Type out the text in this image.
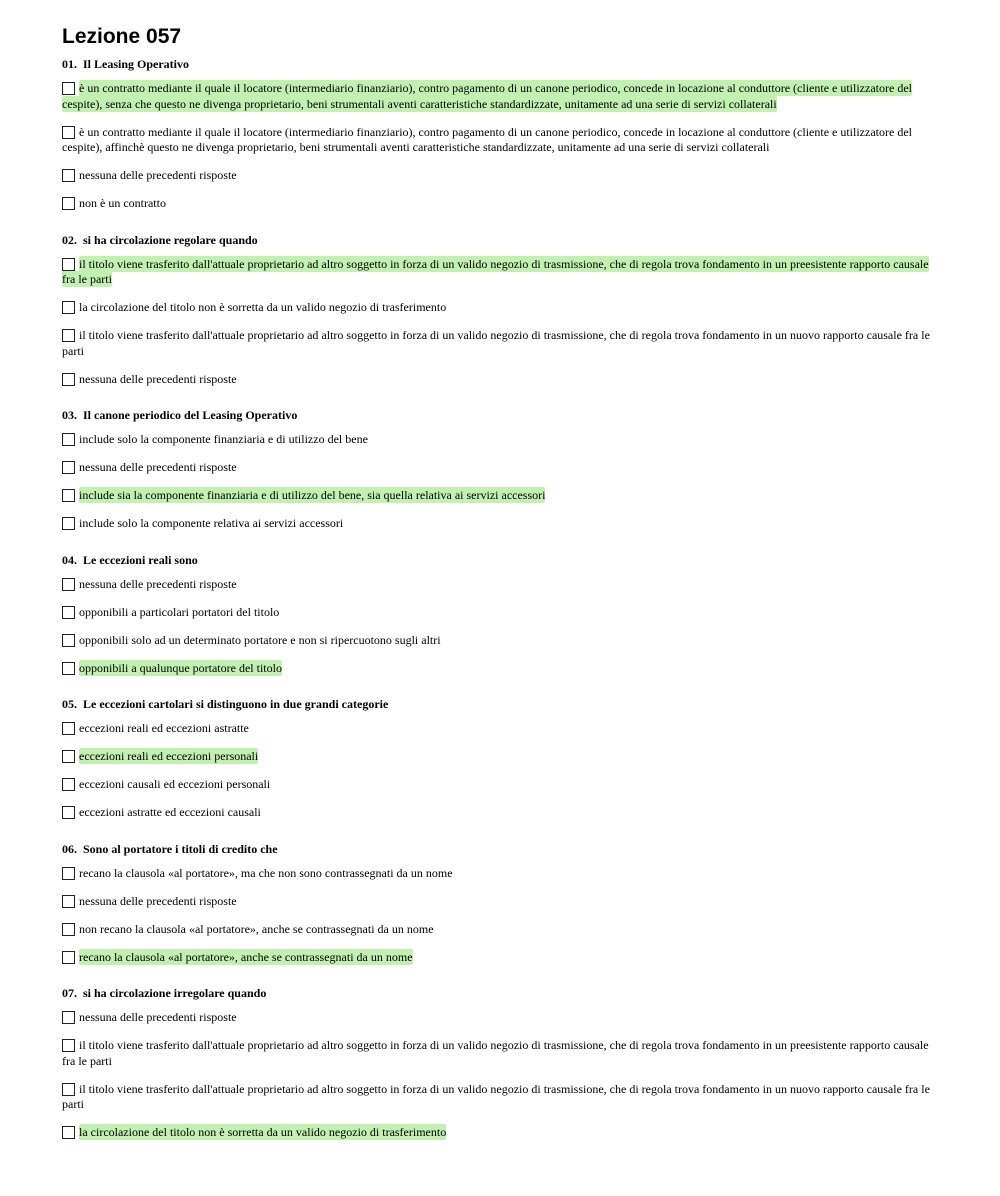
Lezione 057
01. Il Leasing Operativo
è un contratto mediante il quale il locatore (intermediario finanziario), contro pagamento di un canone periodico, concede in locazione al conduttore (cliente e utilizzatore del cespite), senza che questo ne divenga proprietario, beni strumentali aventi caratteristiche standardizzate, unitamente ad una serie di servizi collaterali
è un contratto mediante il quale il locatore (intermediario finanziario), contro pagamento di un canone periodico, concede in locazione al conduttore (cliente e utilizzatore del cespite), affinchè questo ne divenga proprietario, beni strumentali aventi caratteristiche standardizzate, unitamente ad una serie di servizi collaterali
nessuna delle precedenti risposte
non è un contratto
02. si ha circolazione regolare quando
il titolo viene trasferito dall'attuale proprietario ad altro soggetto in forza di un valido negozio di trasmissione, che di regola trova fondamento in un preesistente rapporto causale fra le parti
la circolazione del titolo non è sorretta da un valido negozio di trasferimento
il titolo viene trasferito dall'attuale proprietario ad altro soggetto in forza di un valido negozio di trasmissione, che di regola trova fondamento in un nuovo rapporto causale fra le parti
nessuna delle precedenti risposte
03. Il canone periodico del Leasing Operativo
include solo la componente finanziaria e di utilizzo del bene
nessuna delle precedenti risposte
include sia la componente finanziaria e di utilizzo del bene, sia quella relativa ai servizi accessori
include solo la componente relativa ai servizi accessori
04. Le eccezioni reali sono
nessuna delle precedenti risposte
opponibili a particolari portatori del titolo
opponibili solo ad un determinato portatore e non si ripercuotono sugli altri
opponibili a qualunque portatore del titolo
05. Le eccezioni cartolari si distinguono in due grandi categorie
eccezioni reali ed eccezioni astratte
eccezioni reali ed eccezioni personali
eccezioni causali ed eccezioni personali
eccezioni astratte ed eccezioni causali
06. Sono al portatore i titoli di credito che
recano la clausola «al portatore», ma che non sono contrassegnati da un nome
nessuna delle precedenti risposte
non recano la clausola «al portatore», anche se contrassegnati da un nome
recano la clausola «al portatore», anche se contrassegnati da un nome
07. si ha circolazione irregolare quando
nessuna delle precedenti risposte
il titolo viene trasferito dall'attuale proprietario ad altro soggetto in forza di un valido negozio di trasmissione, che di regola trova fondamento in un preesistente rapporto causale fra le parti
il titolo viene trasferito dall'attuale proprietario ad altro soggetto in forza di un valido negozio di trasmissione, che di regola trova fondamento in un nuovo rapporto causale fra le parti
la circolazione del titolo non è sorretta da un valido negozio di trasferimento
